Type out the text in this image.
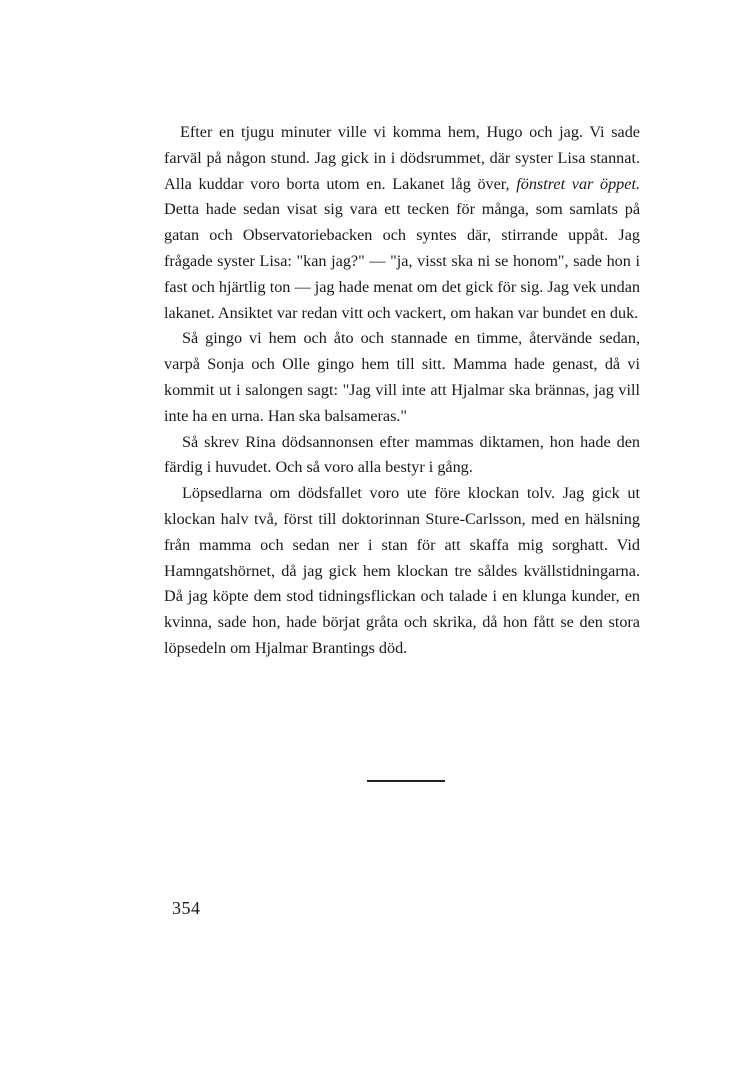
Efter en tjugu minuter ville vi komma hem, Hugo och jag. Vi sade farväl på någon stund. Jag gick in i dödsrummet, där syster Lisa stannat. Alla kuddar voro borta utom en. Lakanet låg över, fönstret var öppet. Detta hade sedan visat sig vara ett tecken för många, som samlats på gatan och Observatoriebacken och syntes där, stirrande uppåt. Jag frågade syster Lisa: "kan jag?" — "ja, visst ska ni se honom", sade hon i fast och hjärtlig ton — jag hade menat om det gick för sig. Jag vek undan lakanet. Ansiktet var redan vitt och vackert, om hakan var bundet en duk.

Så gingo vi hem och åto och stannade en timme, återvände sedan, varpå Sonja och Olle gingo hem till sitt. Mamma hade genast, då vi kommit ut i salongen sagt: "Jag vill inte att Hjalmar ska brännas, jag vill inte ha en urna. Han ska balsameras."

Så skrev Rina dödsannonsen efter mammas diktamen, hon hade den färdig i huvudet. Och så voro alla bestyr i gång.

Löpsedlarna om dödsfallet voro ute före klockan tolv. Jag gick ut klockan halv två, först till doktorinnan Sture-Carlsson, med en hälsning från mamma och sedan ner i stan för att skaffa mig sorghatt. Vid Hamngatshörnet, då jag gick hem klockan tre såldes kvällstidningarna. Då jag köpte dem stod tidningsflickan och talade i en klunga kunder, en kvinna, sade hon, hade börjat gråta och skrika, då hon fått se den stora löpsedeln om Hjalmar Brantings död.

354
